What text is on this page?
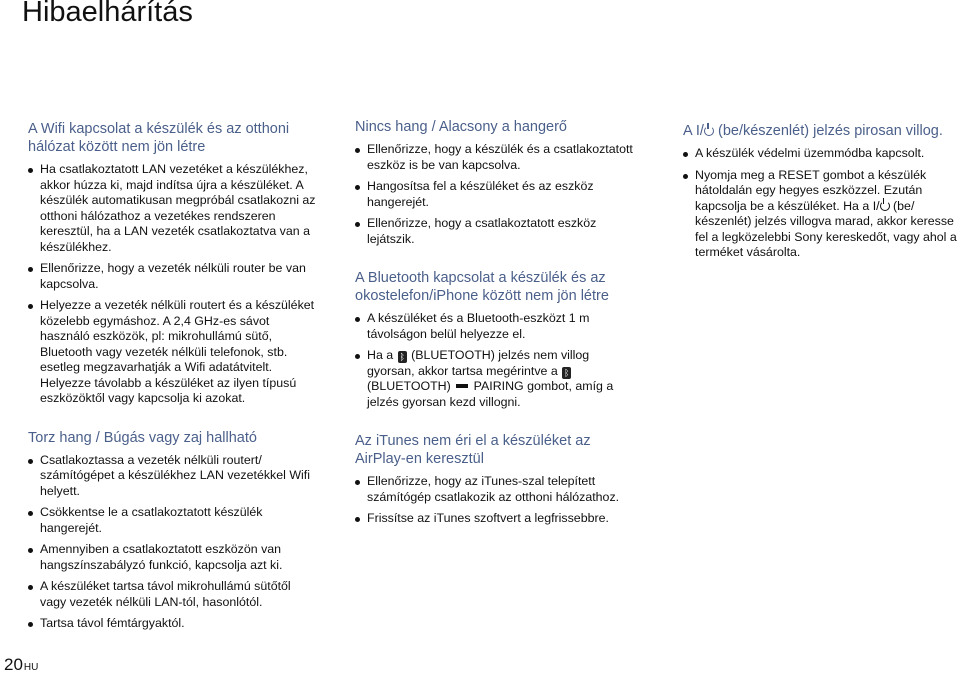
Hibaelhárítás
A Wifi kapcsolat a készülék és az otthoni hálózat között nem jön létre
Ha csatlakoztatott LAN vezetéket a készülékhez, akkor húzza ki, majd indítsa újra a készüléket. A készülék automatikusan megpróbál csatlakozni az otthoni hálózathoz a vezetékes rendszeren keresztül, ha a LAN vezeték csatlakoztatva van a készülékhez.
Ellenőrizze, hogy a vezeték nélküli router be van kapcsolva.
Helyezze a vezeték nélküli routert és a készüléket közelebb egymáshoz. A 2,4 GHz-es sávot használó eszközök, pl: mikrohullámú sütő, Bluetooth vagy vezeték nélküli telefonok, stb. esetleg megzavarhatják a Wifi adatátvitelt. Helyezze távolabb a készüléket az ilyen típusú eszközöktől vagy kapcsolja ki azokat.
Torz hang / Búgás vagy zaj hallható
Csatlakoztassa a vezeték nélküli routert/ számítógépet a készülékhez LAN vezetékkel Wifi helyett.
Csökkentse le a csatlakoztatott készülék hangerejét.
Amennyiben a csatlakoztatott eszközön van hangszínszabályzó funkció, kapcsolja azt ki.
A készüléket tartsa távol mikrohullámú sütőtől vagy vezeték nélküli LAN-tól, hasonlótól.
Tartsa távol fémtárgyaktól.
Nincs hang / Alacsony a hangerő
Ellenőrizze, hogy a készülék és a csatlakoztatott eszköz is be van kapcsolva.
Hangosítsa fel a készüléket és az eszköz hangerejét.
Ellenőrizze, hogy a csatlakoztatott eszköz lejátszik.
A Bluetooth kapcsolat a készülék és az okostelefon/iPhone között nem jön létre
A készüléket és a Bluetooth-eszközt 1 m távolságon belül helyezze el.
Ha a ᛒ (BLUETOOTH) jelzés nem villog gyorsan, akkor tartsa megérintve a ᛒ
(BLUETOOTH) PAIRING gombot, amíg a jelzés gyorsan kezd villogni.
Az iTunes nem éri el a készüléket az AirPlay-en keresztül
Ellenőrizze, hogy az iTunes-szal telepített számítógép csatlakozik az otthoni hálózathoz.
Frissítse az iTunes szoftvert a legfrissebbre.
A I/ (be/készenlét) jelzés pirosan villog.
A készülék védelmi üzemmódba kapcsolt.
Nyomja meg a RESET gombot a készülék hátoldalán egy hegyes eszközzel. Ezután kapcsolja be a készüléket. Ha a I/ (be/ készenlét) jelzés villogva marad, akkor keresse fel a legközelebbi Sony kereskedőt, vagy ahol a terméket vásárolta.
20HU
